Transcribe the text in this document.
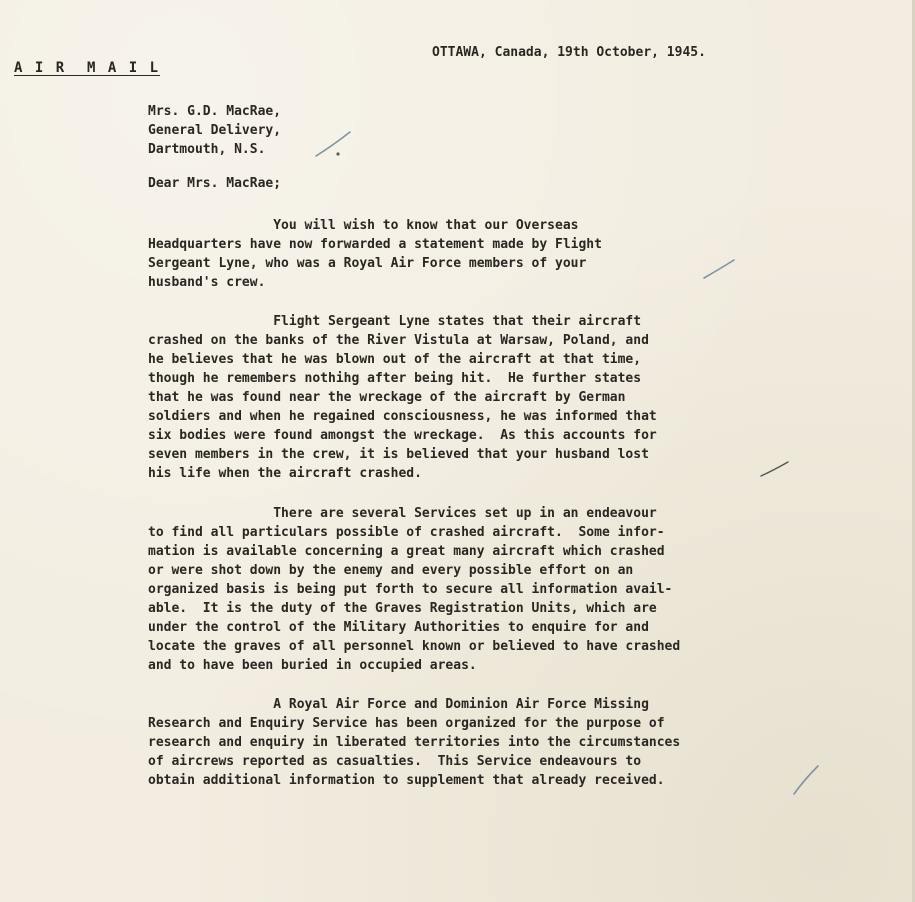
A I R  M A I L
OTTAWA, Canada, 19th October, 1945.
Mrs. G.D. MacRae,
General Delivery,
Dartmouth, N.S.
Dear Mrs. MacRae;
You will wish to know that our Overseas
Headquarters have now forwarded a statement made by Flight
Sergeant Lyne, who was a Royal Air Force members of your
husband's crew.
Flight Sergeant Lyne states that their aircraft
crashed on the banks of the River Vistula at Warsaw, Poland, and
he believes that he was blown out of the aircraft at that time,
though he remembers nothihg after being hit.  He further states
that he was found near the wreckage of the aircraft by German
soldiers and when he regained consciousness, he was informed that
six bodies were found amongst the wreckage.  As this accounts for
seven members in the crew, it is believed that your husband lost
his life when the aircraft crashed.
There are several Services set up in an endeavour
to find all particulars possible of crashed aircraft.  Some infor-
mation is available concerning a great many aircraft which crashed
or were shot down by the enemy and every possible effort on an
organized basis is being put forth to secure all information avail-
able.  It is the duty of the Graves Registration Units, which are
under the control of the Military Authorities to enquire for and
locate the graves of all personnel known or believed to have crashed
and to have been buried in occupied areas.
A Royal Air Force and Dominion Air Force Missing
Research and Enquiry Service has been organized for the purpose of
research and enquiry in liberated territories into the circumstances
of aircrews reported as casualties.  This Service endeavours to
obtain additional information to supplement that already received.
